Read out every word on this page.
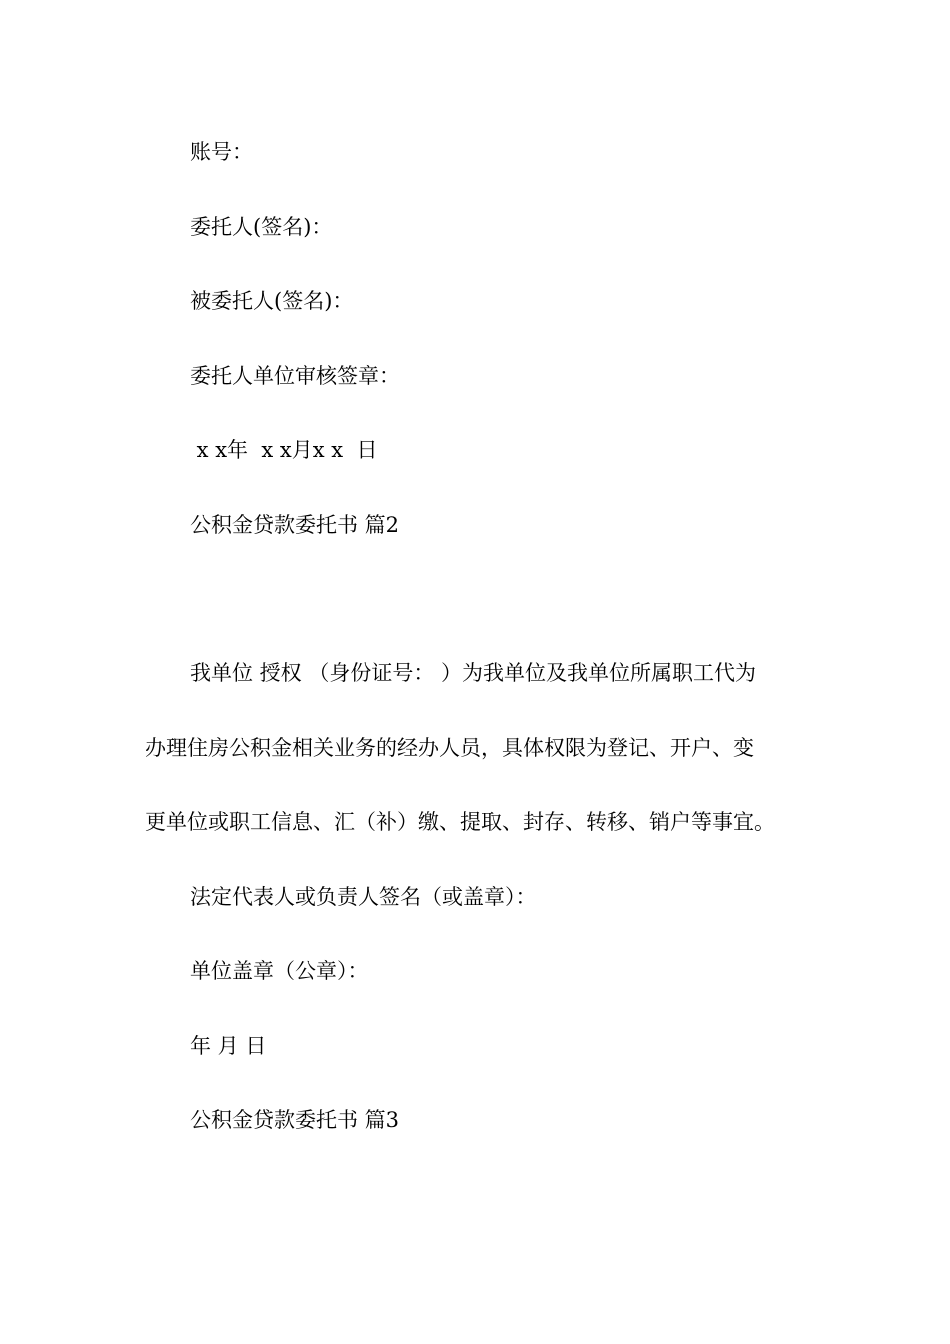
账号：
委托人(签名)：
被委托人(签名)：
委托人单位审核签章：
x x年  x x月x x  日
公积金贷款委托书 篇2
我单位 授权 （身份证号： ）为我单位及我单位所属职工代为
办理住房公积金相关业务的经办人员，具体权限为登记、开户、变
更单位或职工信息、汇（补）缴、提取、封存、转移、销户等事宜。
法定代表人或负责人签名（或盖章）：
单位盖章（公章）：
年 月 日
公积金贷款委托书 篇3
